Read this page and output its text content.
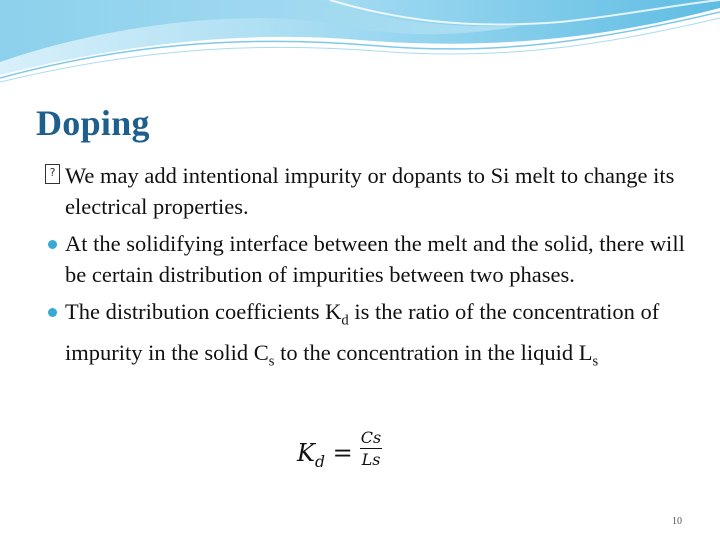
Doping
? We may add intentional impurity or dopants to Si melt to change its electrical properties.
At the solidifying interface between the melt and the solid, there will be certain distribution of impurities between two phases.
The distribution coefficients $K_d$ is the ratio of the concentration of impurity in the solid $C_s$ to the concentration in the liquid $L_s$
$K_d$ =
Cs
Ls
10
